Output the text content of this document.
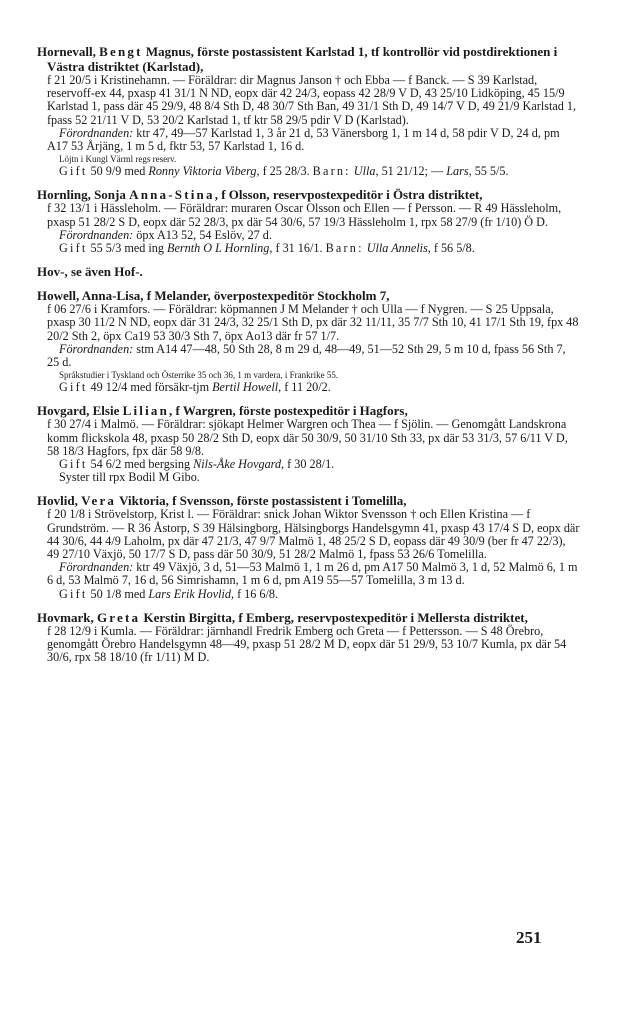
Hornevall, Bengt Magnus, förste postassistent Karlstad 1, tf kontrollör vid postdirektionen i Västra distriktet (Karlstad),

f 21 20/5 i Kristinehamn. — Föräldrar: dir Magnus Janson † och Ebba — f Banck. — S 39 Karlstad, reservoff-ex 44, pxasp 41 31/1 N ND, eopx där 42 24/3, eopass 42 28/9 V D, 43 25/10 Lidköping, 45 15/9 Karlstad 1, pass där 45 29/9, 48 8/4 Sth D, 48 30/7 Sth Ban, 49 31/1 Sth D, 49 14/7 V D, 49 21/9 Karlstad 1, fpass 52 21/11 V D, 53 20/2 Karlstad 1, tf ktr 58 29/5 pdir V D (Karlstad).

Förordnanden: ktr 47, 49—57 Karlstad 1, 3 år 21 d, 53 Vänersborg 1, 1 m 14 d, 58 pdir V D, 24 d, pm A17 53 Årjäng, 1 m 5 d, fktr 53, 57 Karlstad 1, 16 d.

Löjtn i Kungl Värml regs reserv.

Gift 50 9/9 med Ronny Viktoria Viberg, f 25 28/3. Barn: Ulla, 51 21/12; — Lars, 55 5/5.

Hornling, Sonja Anna-Stina, f Olsson, reservpostexpeditör i Östra distriktet,

f 32 13/1 i Hässleholm. — Föräldrar: muraren Oscar Olsson och Ellen — f Persson. — R 49 Hässleholm, pxasp 51 28/2 S D, eopx där 52 28/3, px där 54 30/6, 57 19/3 Hässleholm 1, rpx 58 27/9 (fr 1/10) Ö D.

Förordnanden: öpx A13 52, 54 Eslöv, 27 d.

Gift 55 5/3 med ing Bernth O L Hornling, f 31 16/1. Barn: Ulla Annelis, f 56 5/8.

Hov-, se även Hof-.
Howell, Anna-Lisa, f Melander, överpostexpeditör Stockholm 7,

f 06 27/6 i Kramfors. — Föräldrar: köpmannen J M Melander † och Ulla — f Nygren. — S 25 Uppsala, pxasp 30 11/2 N ND, eopx där 31 24/3, 32 25/1 Sth D, px där 32 11/11, 35 7/7 Sth 10, 41 17/1 Sth 19, fpx 48 20/2 Sth 2, öpx Ca19 53 30/3 Sth 7, öpx Ao13 där fr 57 1/7.

Förordnanden: stm A14 47—48, 50 Sth 28, 8 m 29 d, 48—49, 51—52 Sth 29, 5 m 10 d, fpass 56 Sth 7, 25 d.

Språkstudier i Tyskland och Österrike 35 och 36, 1 m vardera, i Frankrike 55.

Gift 49 12/4 med försäkr-tjm Bertil Howell, f 11 20/2.

Hovgard, Elsie Lilian, f Wargren, förste postexpeditör i Hagfors,

f 30 27/4 i Malmö. — Föräldrar: sjökapt Helmer Wargren och Thea — f Sjölin. — Genomgått Landskrona komm flickskola 48, pxasp 50 28/2 Sth D, eopx där 50 30/9, 50 31/10 Sth 33, px där 53 31/3, 57 6/11 V D, 58 18/3 Hagfors, fpx där 58 9/8.

Gift 54 6/2 med bergsing Nils-Åke Hovgard, f 30 28/1.

Syster till rpx Bodil M Gibo.

Hovlid, Vera Viktoria, f Svensson, förste postassistent i Tomelilla,

f 20 1/8 i Strövelstorp, Krist l. — Föräldrar: snick Johan Wiktor Svensson † och Ellen Kristina — f Grundström. — R 36 Åstorp, S 39 Hälsingborg, Hälsingborgs Handelsgymn 41, pxasp 43 17/4 S D, eopx där 44 30/6, 44 4/9 Laholm, px där 47 21/3, 47 9/7 Malmö 1, 48 25/2 S D, eopass där 49 30/9 (ber fr 47 22/3), 49 27/10 Växjö, 50 17/7 S D, pass där 50 30/9, 51 28/2 Malmö 1, fpass 53 26/6 Tomelilla.

Förordnanden: ktr 49 Växjö, 3 d, 51—53 Malmö 1, 1 m 26 d, pm A17 50 Malmö 3, 1 d, 52 Malmö 6, 1 m 6 d, 53 Malmö 7, 16 d, 56 Simrishamn, 1 m 6 d, pm A19 55—57 Tomelilla, 3 m 13 d.

Gift 50 1/8 med Lars Erik Hovlid, f 16 6/8.

Hovmark, Greta Kerstin Birgitta, f Emberg, reservpostexpeditör i Mellersta distriktet,

f 28 12/9 i Kumla. — Föräldrar: järnhandl Fredrik Emberg och Greta — f Pettersson. — S 48 Örebro, genomgått Örebro Handelsgymn 48—49, pxasp 51 28/2 M D, eopx där 51 29/9, 53 10/7 Kumla, px där 54 30/6, rpx 58 18/10 (fr 1/11) M D.

251
